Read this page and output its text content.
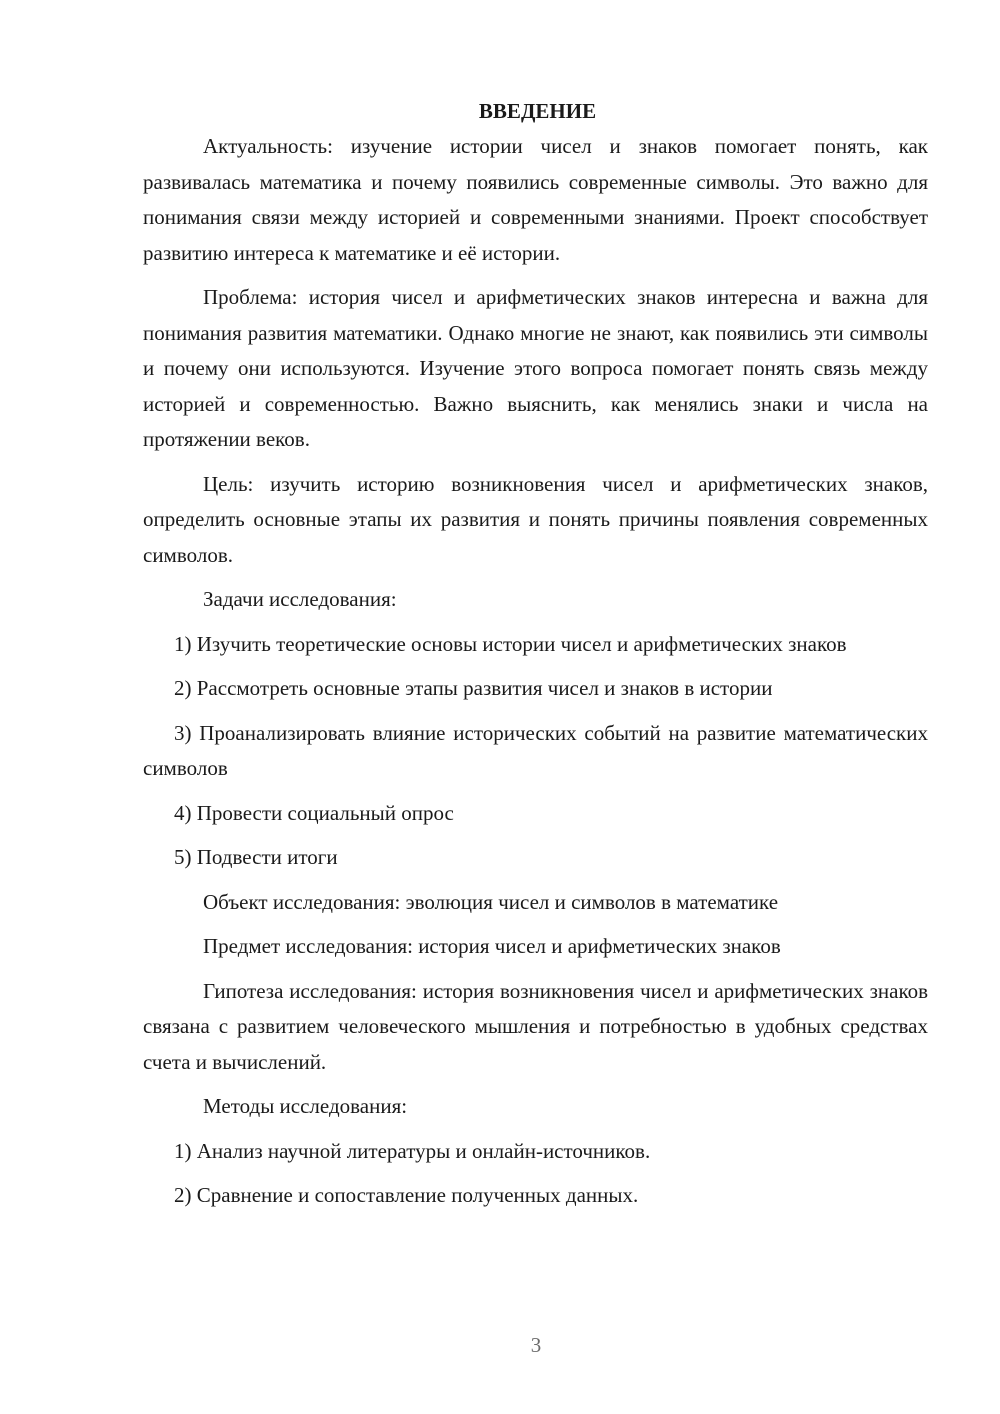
ВВЕДЕНИЕ

Актуальность: изучение истории чисел и знаков помогает понять, как развивалась математика и почему появились современные символы. Это важно для понимания связи между историей и современными знаниями. Проект способствует развитию интереса к математике и её истории.

Проблема: история чисел и арифметических знаков интересна и важна для понимания развития математики. Однако многие не знают, как появились эти символы и почему они используются. Изучение этого вопроса помогает понять связь между историей и современностью. Важно выяснить, как менялись знаки и числа на протяжении веков.

Цель: изучить историю возникновения чисел и арифметических знаков, определить основные этапы их развития и понять причины появления современных символов.

Задачи исследования:

1) Изучить теоретические основы истории чисел и арифметических знаков

2) Рассмотреть основные этапы развития чисел и знаков в истории

3) Проанализировать влияние исторических событий на развитие математических символов

4) Провести социальный опрос

5) Подвести итоги

Объект исследования: эволюция чисел и символов в математике

Предмет исследования: история чисел и арифметических знаков

Гипотеза исследования: история возникновения чисел и арифметических знаков связана с развитием человеческого мышления и потребностью в удобных средствах счета и вычислений.

Методы исследования:

1) Анализ научной литературы и онлайн-источников.

2) Сравнение и сопоставление полученных данных.

3
